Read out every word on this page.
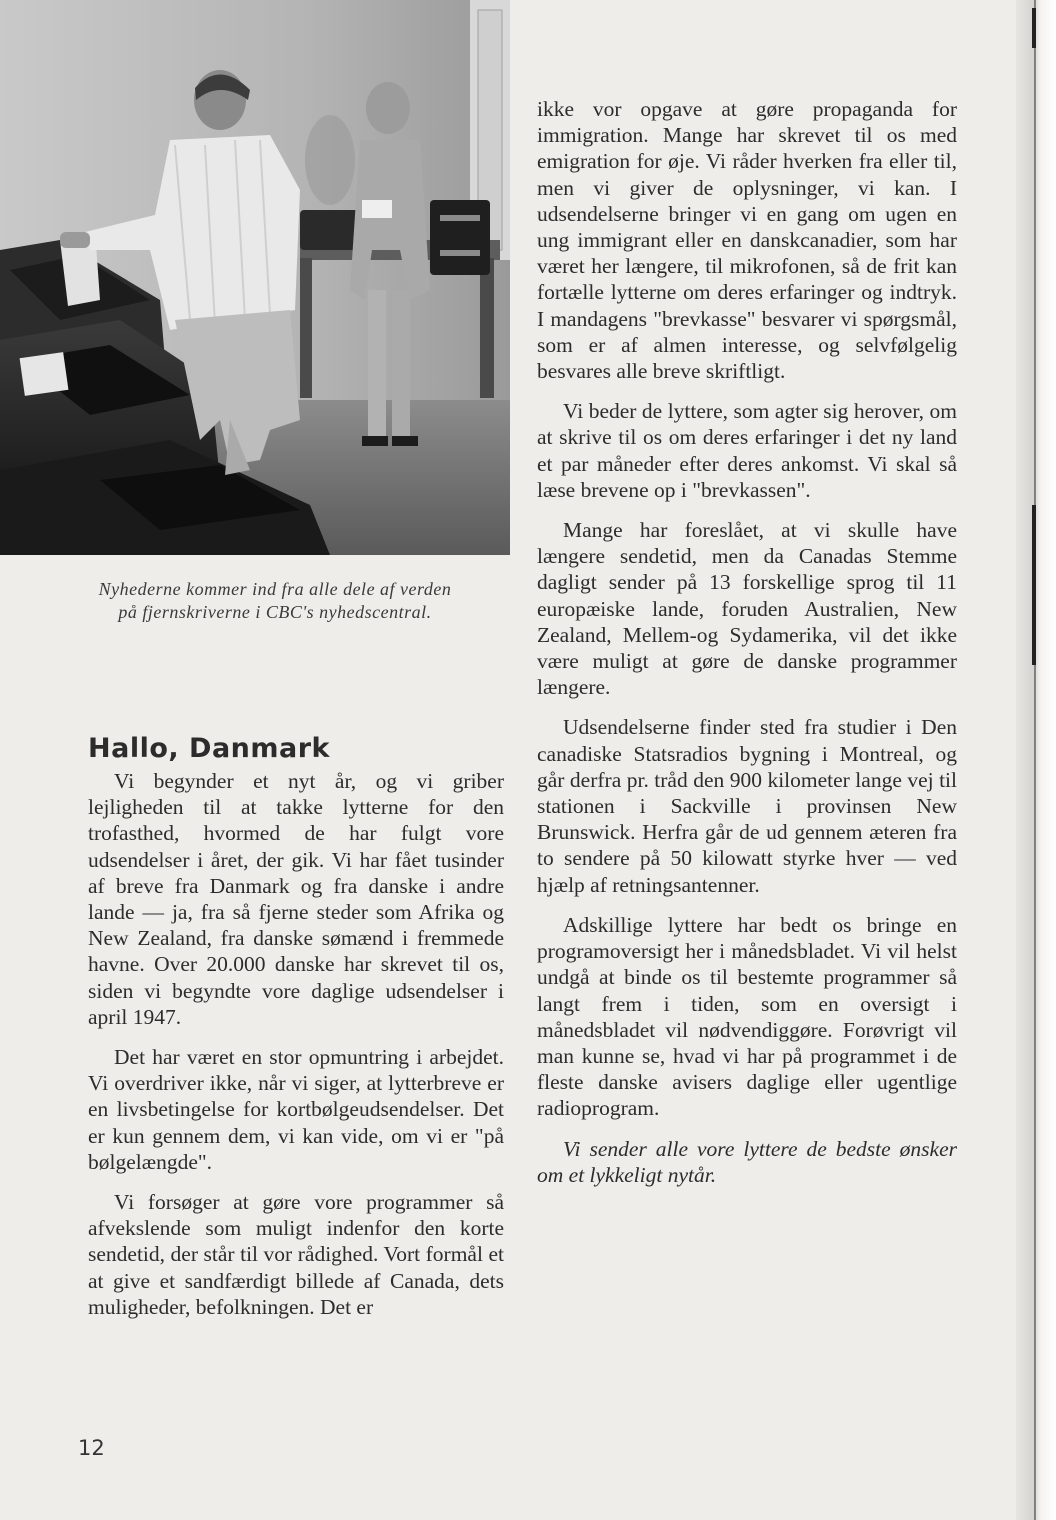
Nyhederne kommer ind fra alle dele af verden

på fjernskriverne i CBC's nyhedscentral.

Hallo, Danmark

Vi begynder et nyt år, og vi griber lejligheden til at takke lytterne for den trofasthed, hvormed de har fulgt vore udsendelser i året, der gik. Vi har fået tusinder af breve fra Danmark og fra danske i andre lande — ja, fra så fjerne steder som Afrika og New Zealand, fra danske sømænd i fremmede havne. Over 20.000 danske har skrevet til os, siden vi begyndte vore daglige udsendelser i april 1947.

Det har været en stor opmuntring i arbejdet. Vi overdriver ikke, når vi siger, at lytterbreve er en livsbetingelse for kortbølgeudsendelser. Det er kun gennem dem, vi kan vide, om vi er "på bølgelængde".

Vi forsøger at gøre vore programmer så afvekslende som muligt indenfor den korte sendetid, der står til vor rådighed. Vort formål et at give et sandfærdigt billede af Canada, dets muligheder, befolkningen. Det er

ikke vor opgave at gøre propaganda for immigration. Mange har skrevet til os med emigration for øje. Vi råder hverken fra eller til, men vi giver de oplysninger, vi kan. I udsendelserne bringer vi en gang om ugen en ung immigrant eller en danskcanadier, som har været her længere, til mikrofonen, så de frit kan fortælle lytterne om deres erfaringer og indtryk. I mandagens "brevkasse" besvarer vi spørgsmål, som er af almen interesse, og selvfølgelig besvares alle breve skriftligt.

Vi beder de lyttere, som agter sig herover, om at skrive til os om deres erfaringer i det ny land et par måneder efter deres ankomst. Vi skal så læse brevene op i "brevkassen".

Mange har foreslået, at vi skulle have længere sendetid, men da Canadas Stemme dagligt sender på 13 forskellige sprog til 11 europæiske lande, foruden Australien, New Zealand, Mellem-og Sydamerika, vil det ikke være muligt at gøre de danske programmer længere.

Udsendelserne finder sted fra studier i Den canadiske Statsradios bygning i Montreal, og går derfra pr. tråd den 900 kilometer lange vej til stationen i Sackville i provinsen New Brunswick. Herfra går de ud gennem æteren fra to sendere på 50 kilowatt styrke hver — ved hjælp af retningsantenner.

Adskillige lyttere har bedt os bringe en programoversigt her i månedsbladet. Vi vil helst undgå at binde os til bestemte programmer så langt frem i tiden, som en oversigt i månedsbladet vil nødvendiggøre. Forøvrigt vil man kunne se, hvad vi har på programmet i de fleste danske avisers daglige eller ugentlige radioprogram.

Vi sender alle vore lyttere de bedste ønsker om et lykkeligt nytår.

12
